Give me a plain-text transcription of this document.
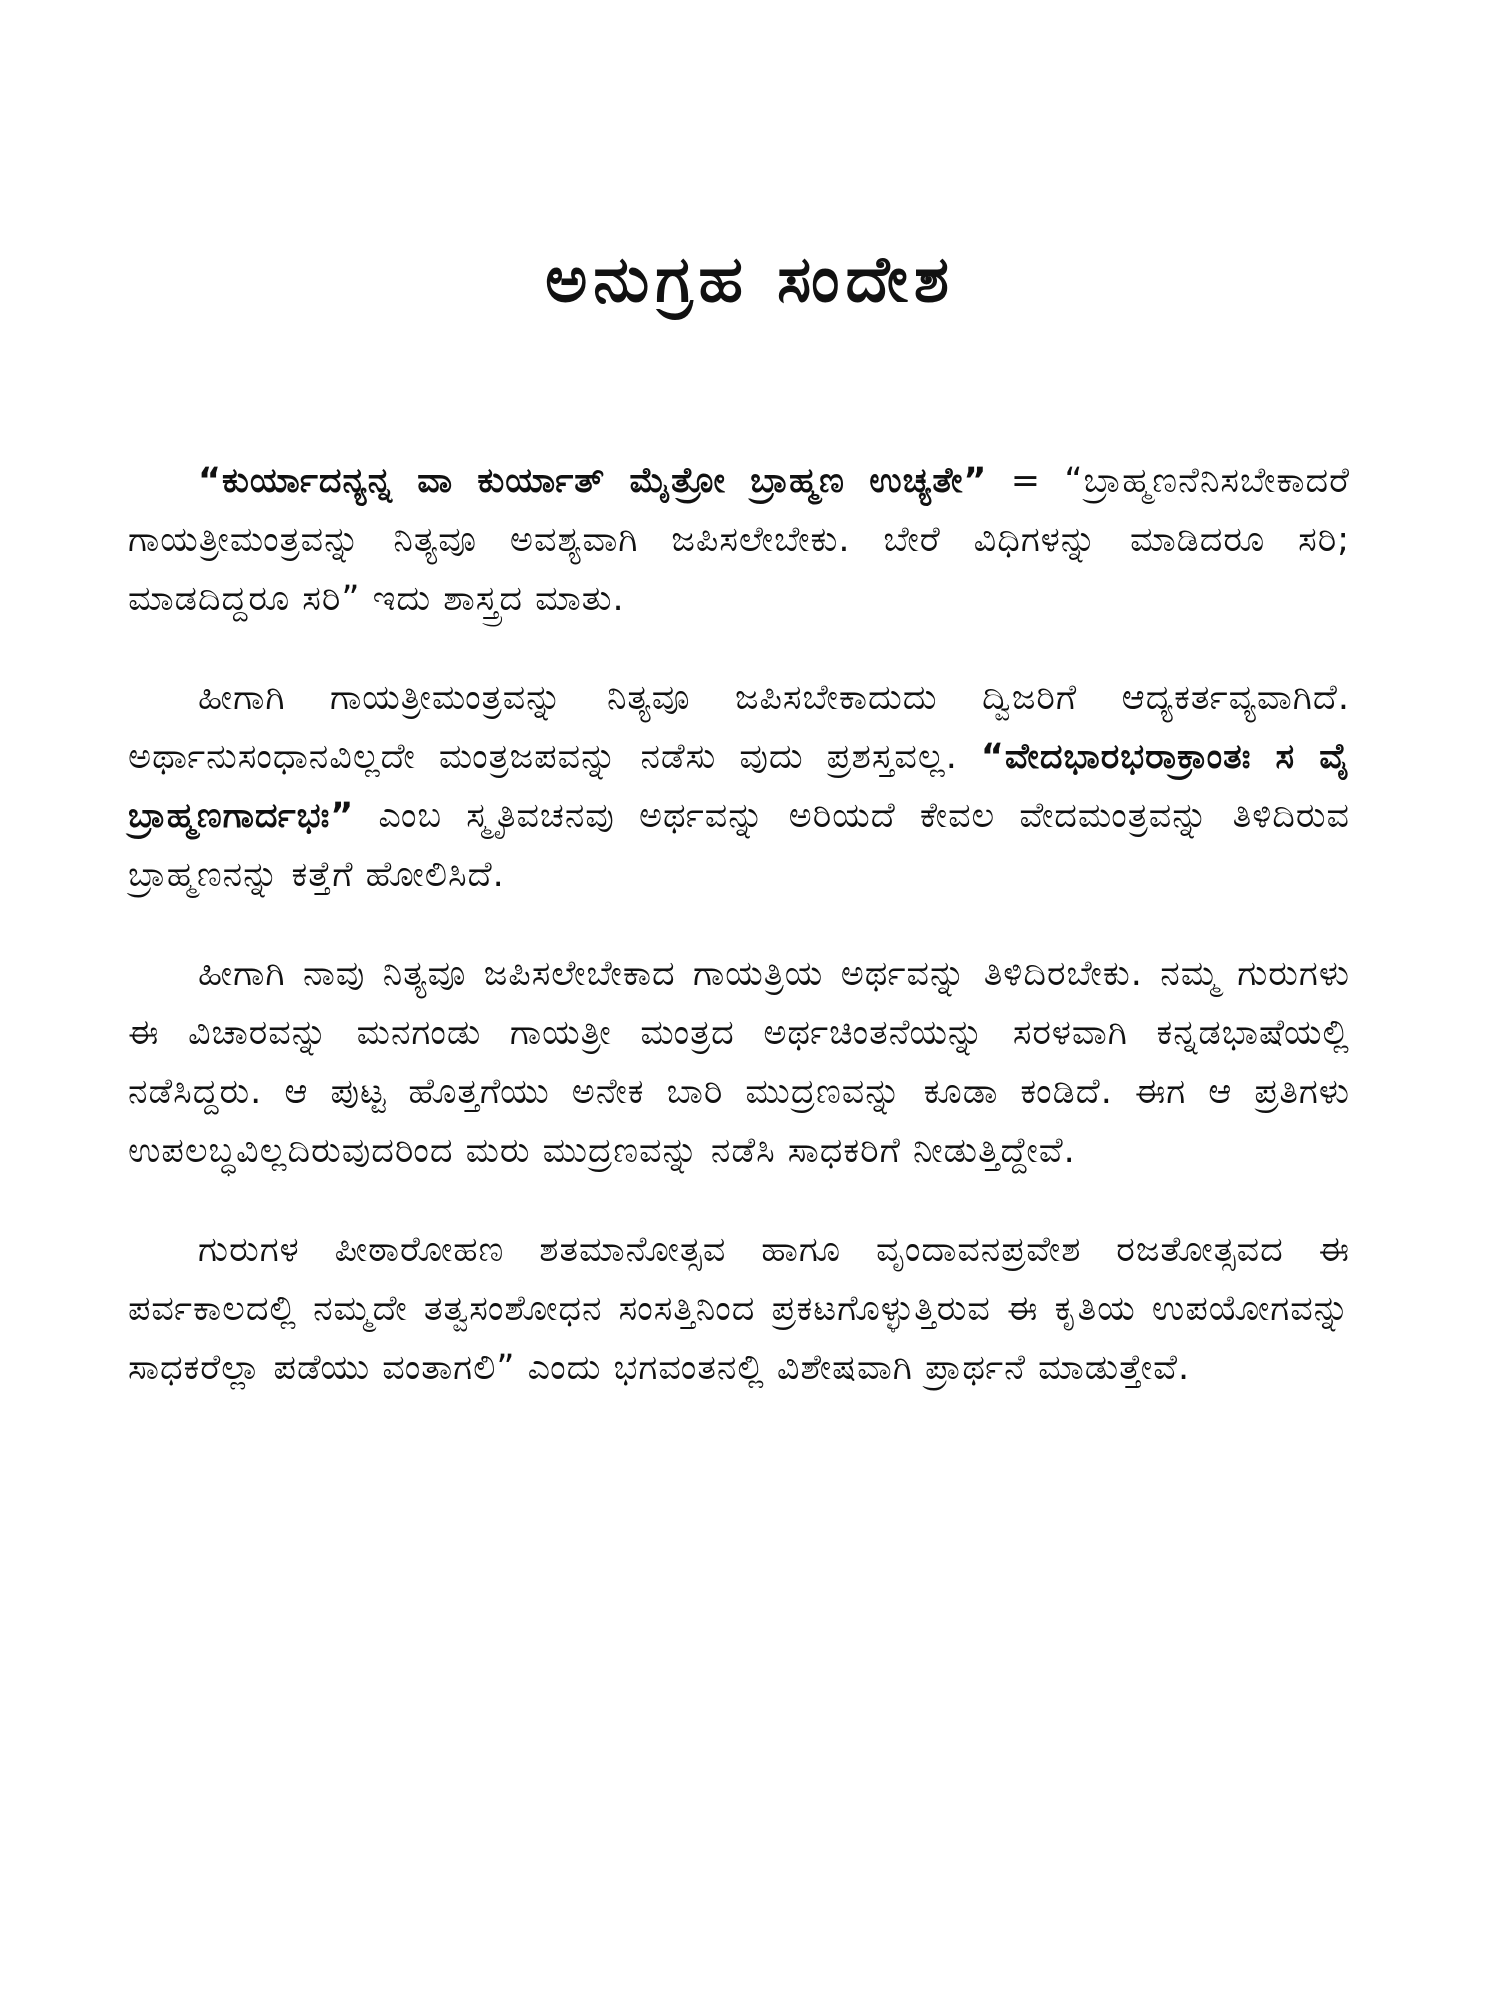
ಅನುಗ್ರಹ ಸಂದೇಶ

“ಕುರ್ಯಾದನ್ಯನ್ನ ವಾ ಕುರ್ಯಾತ್ ಮೈತ್ರೋ ಬ್ರಾಹ್ಮಣ ಉಚ್ಯತೇ” = “ಬ್ರಾಹ್ಮಣನೆನಿಸಬೇಕಾದರೆ ಗಾಯತ್ರೀಮಂತ್ರವನ್ನು ನಿತ್ಯವೂ ಅವಶ್ಯವಾಗಿ ಜಪಿಸಲೇಬೇಕು. ಬೇರೆ ವಿಧಿಗಳನ್ನು ಮಾಡಿದರೂ ಸರಿ; ಮಾಡದಿದ್ದರೂ ಸರಿ” ಇದು ಶಾಸ್ತ್ರದ ಮಾತು.

ಹೀಗಾಗಿ ಗಾಯತ್ರೀಮಂತ್ರವನ್ನು ನಿತ್ಯವೂ ಜಪಿಸಬೇಕಾದುದು ದ್ವಿಜರಿಗೆ ಆದ್ಯಕರ್ತವ್ಯವಾಗಿದೆ. ಅರ್ಥಾನುಸಂಧಾನವಿಲ್ಲದೇ ಮಂತ್ರಜಪವನ್ನು ನಡೆಸು ವುದು ಪ್ರಶಸ್ತವಲ್ಲ. “ವೇದಭಾರಭರಾಕ್ರಾಂತಃ ಸ ವೈ ಬ್ರಾಹ್ಮಣಗಾರ್ದಭಃ” ಎಂಬ ಸ್ಮೃತಿವಚನವು ಅರ್ಥವನ್ನು ಅರಿಯದೆ ಕೇವಲ ವೇದಮಂತ್ರವನ್ನು ತಿಳಿದಿರುವ ಬ್ರಾಹ್ಮಣನನ್ನು ಕತ್ತೆಗೆ ಹೋಲಿಸಿದೆ.

ಹೀಗಾಗಿ ನಾವು ನಿತ್ಯವೂ ಜಪಿಸಲೇಬೇಕಾದ ಗಾಯತ್ರಿಯ ಅರ್ಥವನ್ನು ತಿಳಿದಿರಬೇಕು. ನಮ್ಮ ಗುರುಗಳು ಈ ವಿಚಾರವನ್ನು ಮನಗಂಡು ಗಾಯತ್ರೀ ಮಂತ್ರದ ಅರ್ಥಚಿಂತನೆಯನ್ನು ಸರಳವಾಗಿ ಕನ್ನಡಭಾಷೆಯಲ್ಲಿ ನಡೆಸಿದ್ದರು. ಆ ಪುಟ್ಟ ಹೊತ್ತಗೆಯು ಅನೇಕ ಬಾರಿ ಮುದ್ರಣವನ್ನು ಕೂಡಾ ಕಂಡಿದೆ. ಈಗ ಆ ಪ್ರತಿಗಳು ಉಪಲಬ್ಧವಿಲ್ಲದಿರುವುದರಿಂದ ಮರು ಮುದ್ರಣವನ್ನು ನಡೆಸಿ ಸಾಧಕರಿಗೆ ನೀಡುತ್ತಿದ್ದೇವೆ.

ಗುರುಗಳ ಪೀಠಾರೋಹಣ ಶತಮಾನೋತ್ಸವ ಹಾಗೂ ವೃಂದಾವನಪ್ರವೇಶ ರಜತೋತ್ಸವದ ಈ ಪರ್ವಕಾಲದಲ್ಲಿ ನಮ್ಮದೇ ತತ್ವಸಂಶೋಧನ ಸಂಸತ್ತಿನಿಂದ ಪ್ರಕಟಗೊಳ್ಳುತ್ತಿರುವ ಈ ಕೃತಿಯ ಉಪಯೋಗವನ್ನು ಸಾಧಕರೆಲ್ಲಾ ಪಡೆಯು ವಂತಾಗಲಿ” ಎಂದು ಭಗವಂತನಲ್ಲಿ ವಿಶೇಷವಾಗಿ ಪ್ರಾರ್ಥನೆ ಮಾಡುತ್ತೇವೆ.
